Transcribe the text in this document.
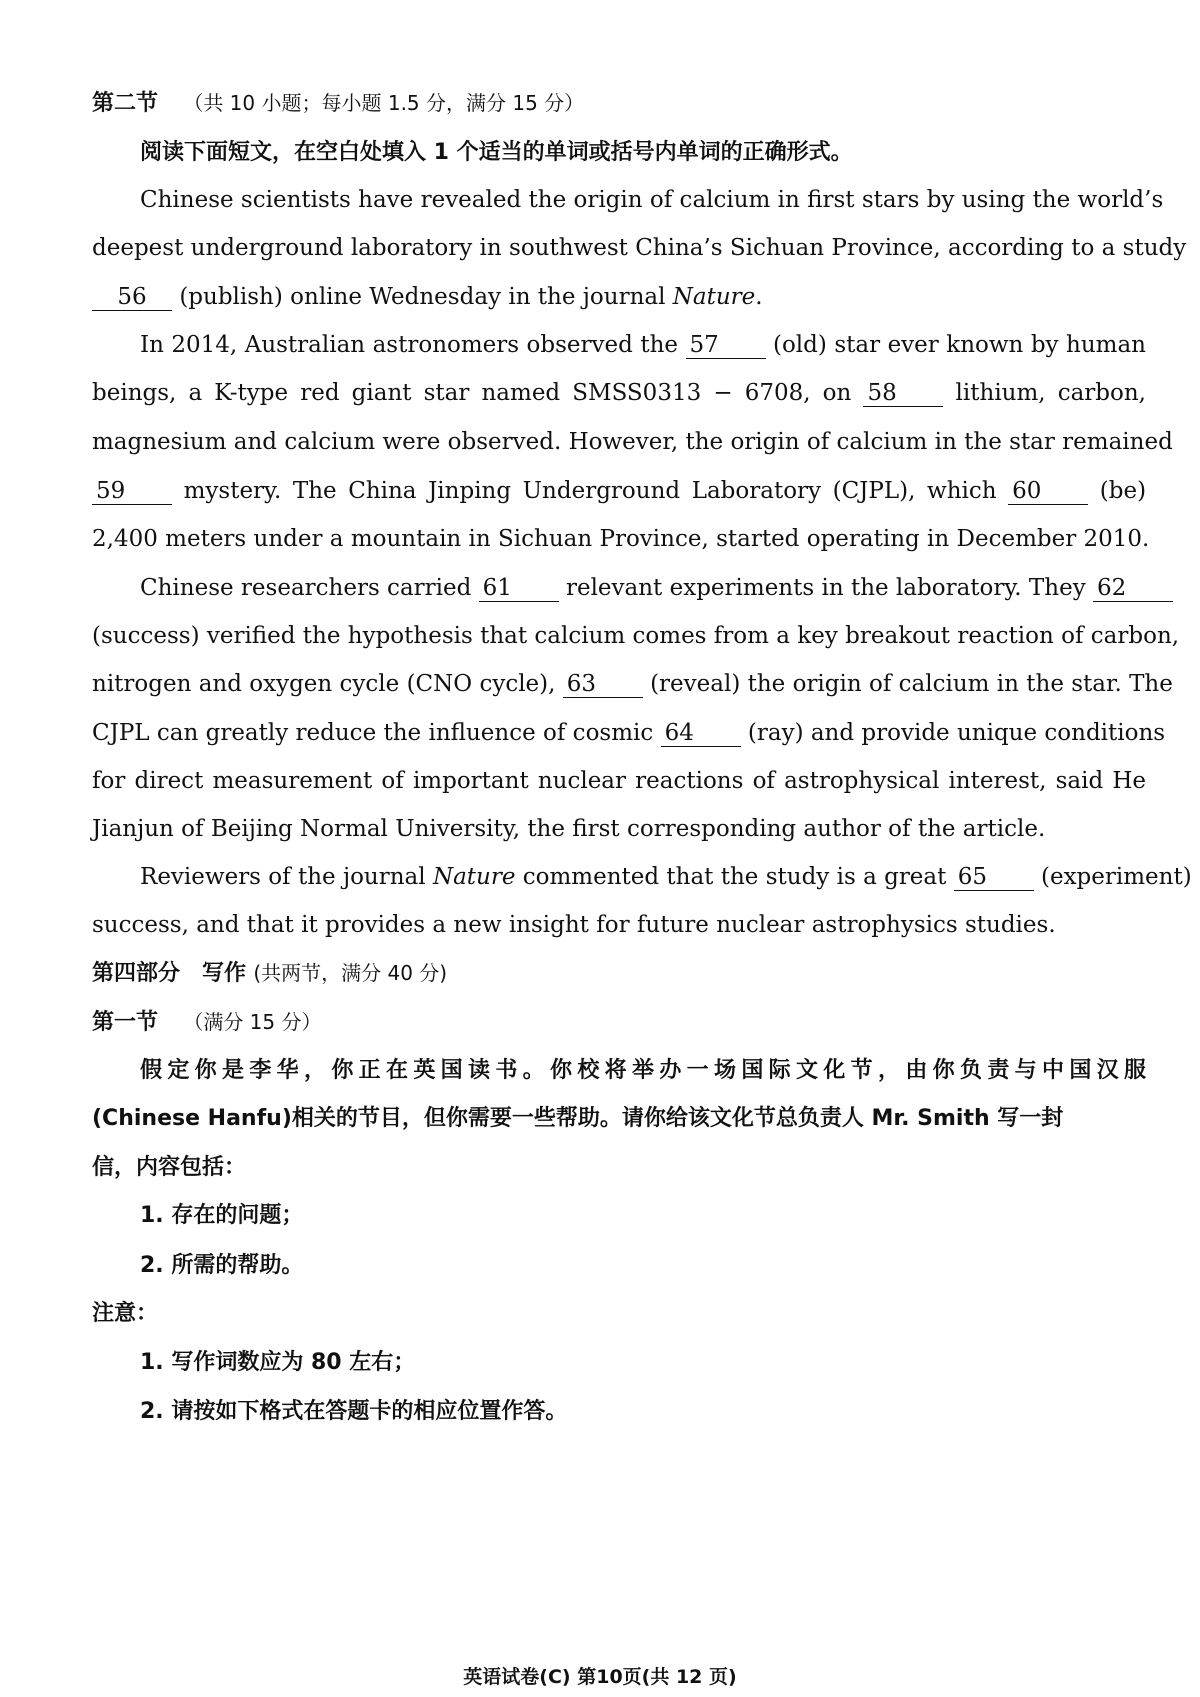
第二节 （共 10 小题；每小题 1.5 分，满分 15 分）
阅读下面短文，在空白处填入 1 个适当的单词或括号内单词的正确形式。
Chinese scientists have revealed the origin of calcium in first stars by using the world’s
deepest underground laboratory in southwest China’s Sichuan Province, according to a study
56 (publish) online Wednesday in the journal Nature.
In 2014, Australian astronomers observed the 57 (old) star ever known by human
beings, a K-type red giant star named SMSS0313 − 6708, on 58	lithium, carbon,
magnesium and calcium were observed. However, the origin of calcium in the star remained
59	mystery. The China Jinping Underground Laboratory (CJPL), which 60	(be)
2,400 meters under a mountain in Sichuan Province, started operating in December 2010.
Chinese researchers carried 61 relevant experiments in the laboratory. They 62
(success) verified the hypothesis that calcium comes from a key breakout reaction of carbon,
nitrogen and oxygen cycle (CNO cycle), 63 (reveal) the origin of calcium in the star. The
CJPL can greatly reduce the influence of cosmic 64 (ray) and provide unique conditions
for direct measurement of important nuclear reactions of astrophysical interest, said He
Jianjun of Beijing Normal University, the first corresponding author of the article.
Reviewers of the journal Nature commented that the study is a great 65 (experiment)
success, and that it provides a new insight for future nuclear astrophysics studies.
第四部分　写作 (共两节，满分 40 分)
第一节 （满分 15 分）
假定你是李华，你正在英国读书。你校将举办一场国际文化节，由你负责与中国汉服
(Chinese Hanfu)相关的节目，但你需要一些帮助。请你给该文化节总负责人 Mr. Smith 写一封
信，内容包括：
1. 存在的问题；
2. 所需的帮助。
注意：
1. 写作词数应为 80 左右；
2. 请按如下格式在答题卡的相应位置作答。
英语试卷(C) 第10页(共 12 页)
